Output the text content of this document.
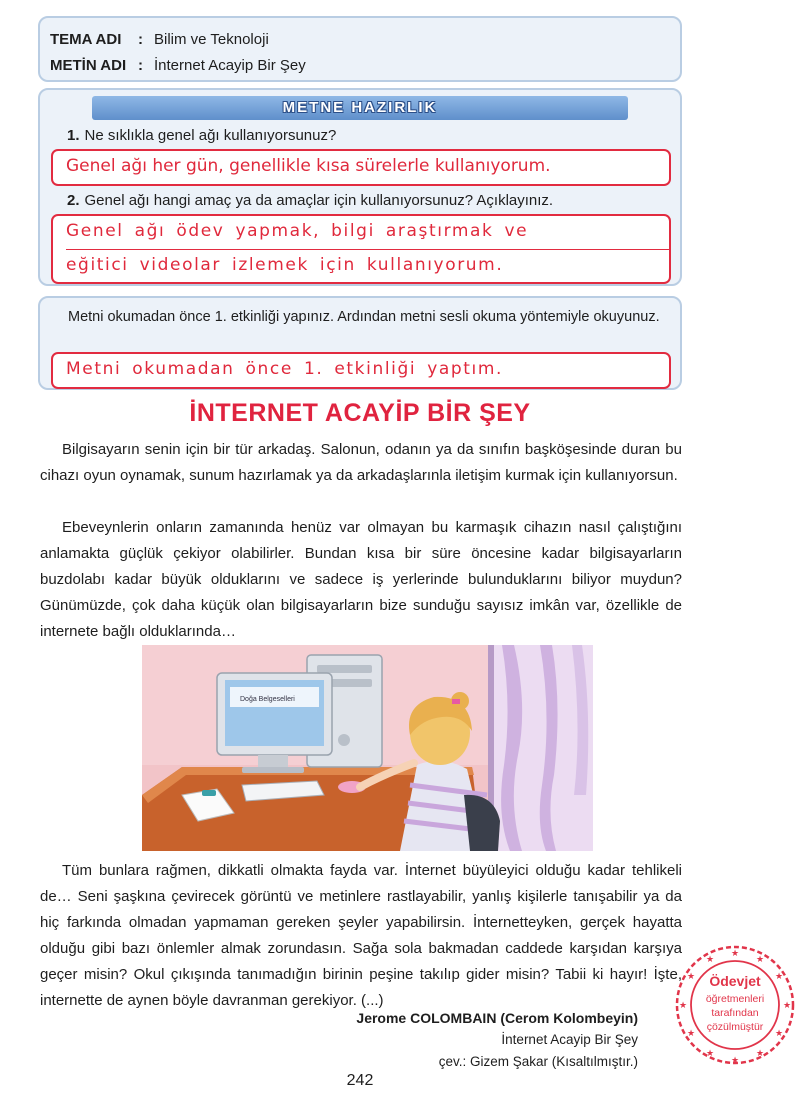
TEMA ADI	: Bilim ve Teknoloji
METİN ADI : İnternet Acayip Bir Şey
METNE HAZIRLIK
1. Ne sıklıkla genel ağı kullanıyorsunuz?
Genel ağı her gün, genellikle kısa sürelerle kullanıyorum.
2. Genel ağı hangi amaç ya da amaçlar için kullanıyorsunuz? Açıklayınız.
Genel ağı ödev yapmak, bilgi araştırmak ve
eğitici videolar izlemek için kullanıyorum.
Metni okumadan önce 1. etkinliği yapınız. Ardından metni sesli okuma yöntemiyle okuyunuz.
Metni okumadan önce 1. etkinliği yaptım.
İNTERNET ACAYİP BİR ŞEY

Bilgisayarın senin için bir tür arkadaş. Salonun, odanın ya da sınıfın başköşesinde duran bu cihazı oyun oynamak, sunum hazırlamak ya da arkadaşlarınla iletişim kurmak için kullanıyorsun.

Ebeveynlerin onların zamanında henüz var olmayan bu karmaşık cihazın nasıl çalıştığını anlamakta güçlük çekiyor olabilirler. Bundan kısa bir süre öncesine kadar bilgisayarların buzdolabı kadar büyük olduklarını ve sadece iş yerlerinde bulunduklarını biliyor muydun? Günümüzde, çok daha küçük olan bilgisayarların bize sunduğu sayısız imkân var, özellikle de internete bağlı olduklarında…

Doğa Belgeselleri

Tüm bunlara rağmen, dikkatli olmakta fayda var. İnternet büyüleyici olduğu kadar tehlikeli de… Seni şaşkına çevirecek görüntü ve metinlere rastlayabilir, yanlış kişilerle tanışabilir ya da hiç farkında olmadan yapmaman gereken şeyler yapabilirsin. İnternetteyken, gerçek hayatta olduğu gibi bazı önlemler almak zorundasın. Sağa sola bakmadan caddede karşıdan karşıya geçer misin? Okul çıkışında tanımadığın birinin peşine takılıp gider misin? Tabii ki hayır! İşte, internette de aynen böyle davranman gerekiyor. (...)

Jerome COLOMBAIN (Cerom Kolombeyin)
İnternet Acayip Bir Şey
çev.: Gizem Şakar (Kısaltılmıştır.)
242
★
★
★
★
★
★
★
★
★
★
★
★
Ödevjet
öğretmenleri
tarafından
çözülmüştür
